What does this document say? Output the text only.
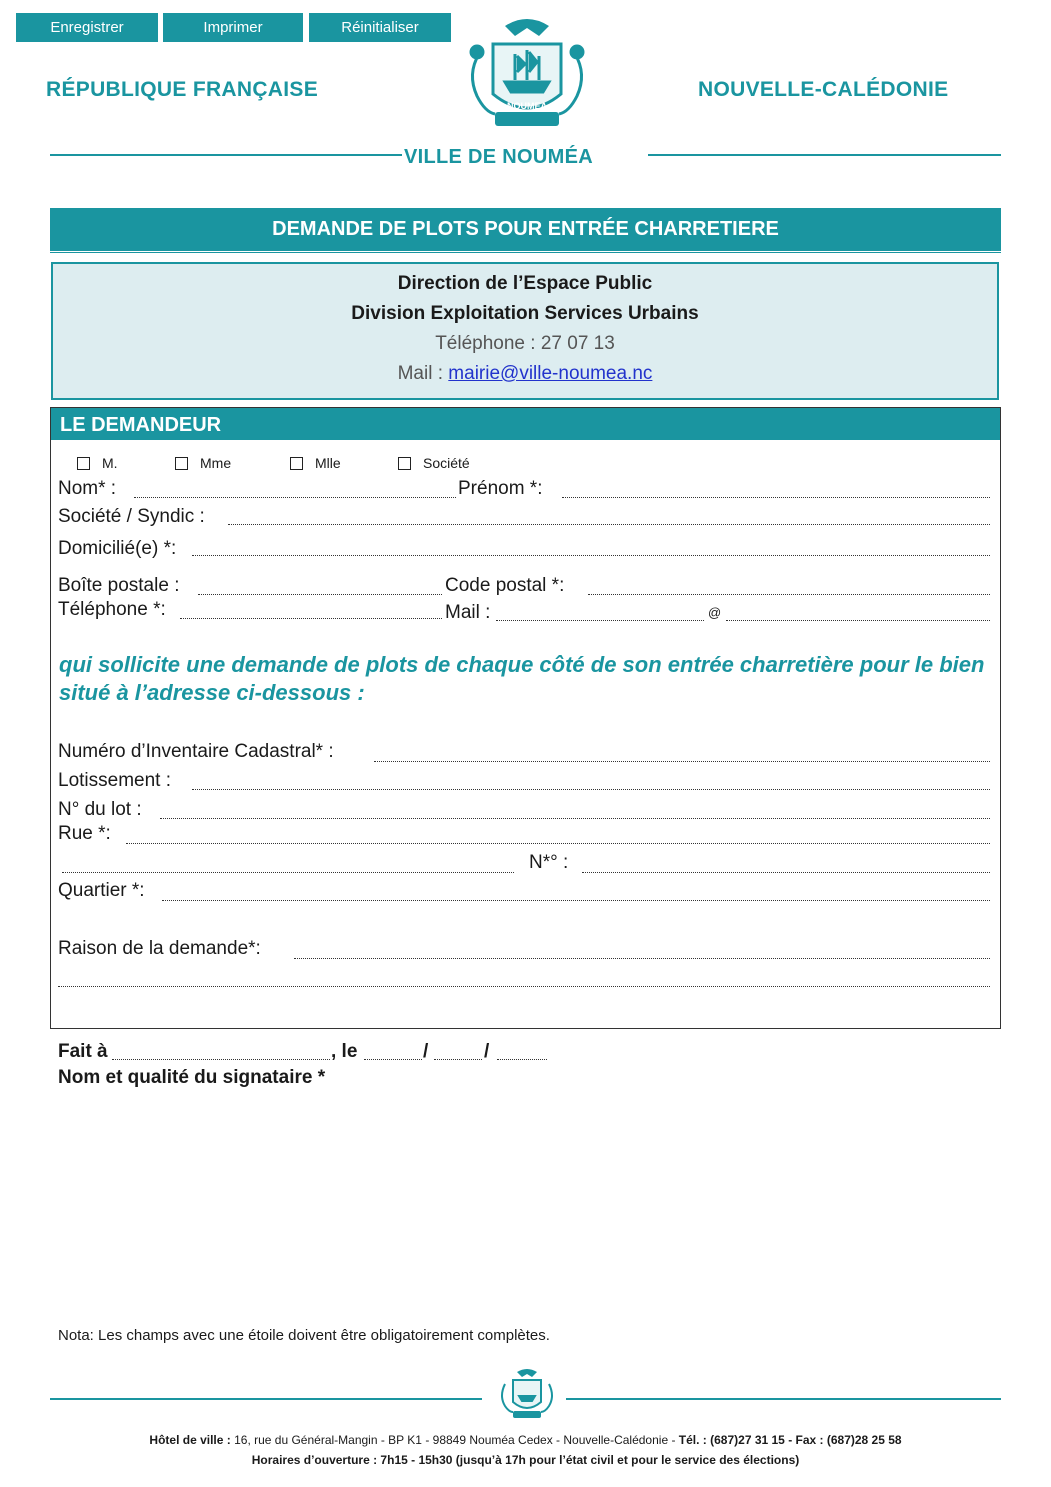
Enregistrer	Imprimer	Réinitialiser
RÉPUBLIQUE FRANÇAISE	NOUVELLE-CALÉDONIE
NOUMEA
VILLE DE NOUMÉA
DEMANDE DE PLOTS POUR ENTRÉE CHARRETIERE
Direction de l’Espace Public
Division Exploitation Services Urbains
Téléphone : 27 07 13
Mail : mairie@ville-noumea.nc
LE DEMANDEUR
M.	Mme	Mlle	Société
Nom* :	Prénom *:
Société / Syndic :
Domicilié(e) *:
Boîte postale :	Code postal *:
Téléphone *:	Mail :	@
qui sollicite une demande de plots de chaque côté de son entrée charretière pour le bien situé à l’adresse ci-dessous :
Numéro d’Inventaire Cadastral* :
Lotissement :
N° du lot :
Rue *:
N*° :
Quartier *:
Raison de la demande*:
Fait à	, le	/	/
Nom et qualité du signataire *
Nota: Les champs avec une étoile doivent être obligatoirement complètes.
Hôtel de ville : 16, rue du Général-Mangin - BP K1 - 98849 Nouméa Cedex - Nouvelle-Calédonie - Tél. : (687)27 31 15 - Fax : (687)28 25 58
Horaires d’ouverture : 7h15 - 15h30 (jusqu’à 17h pour l’état civil et pour le service des élections)
